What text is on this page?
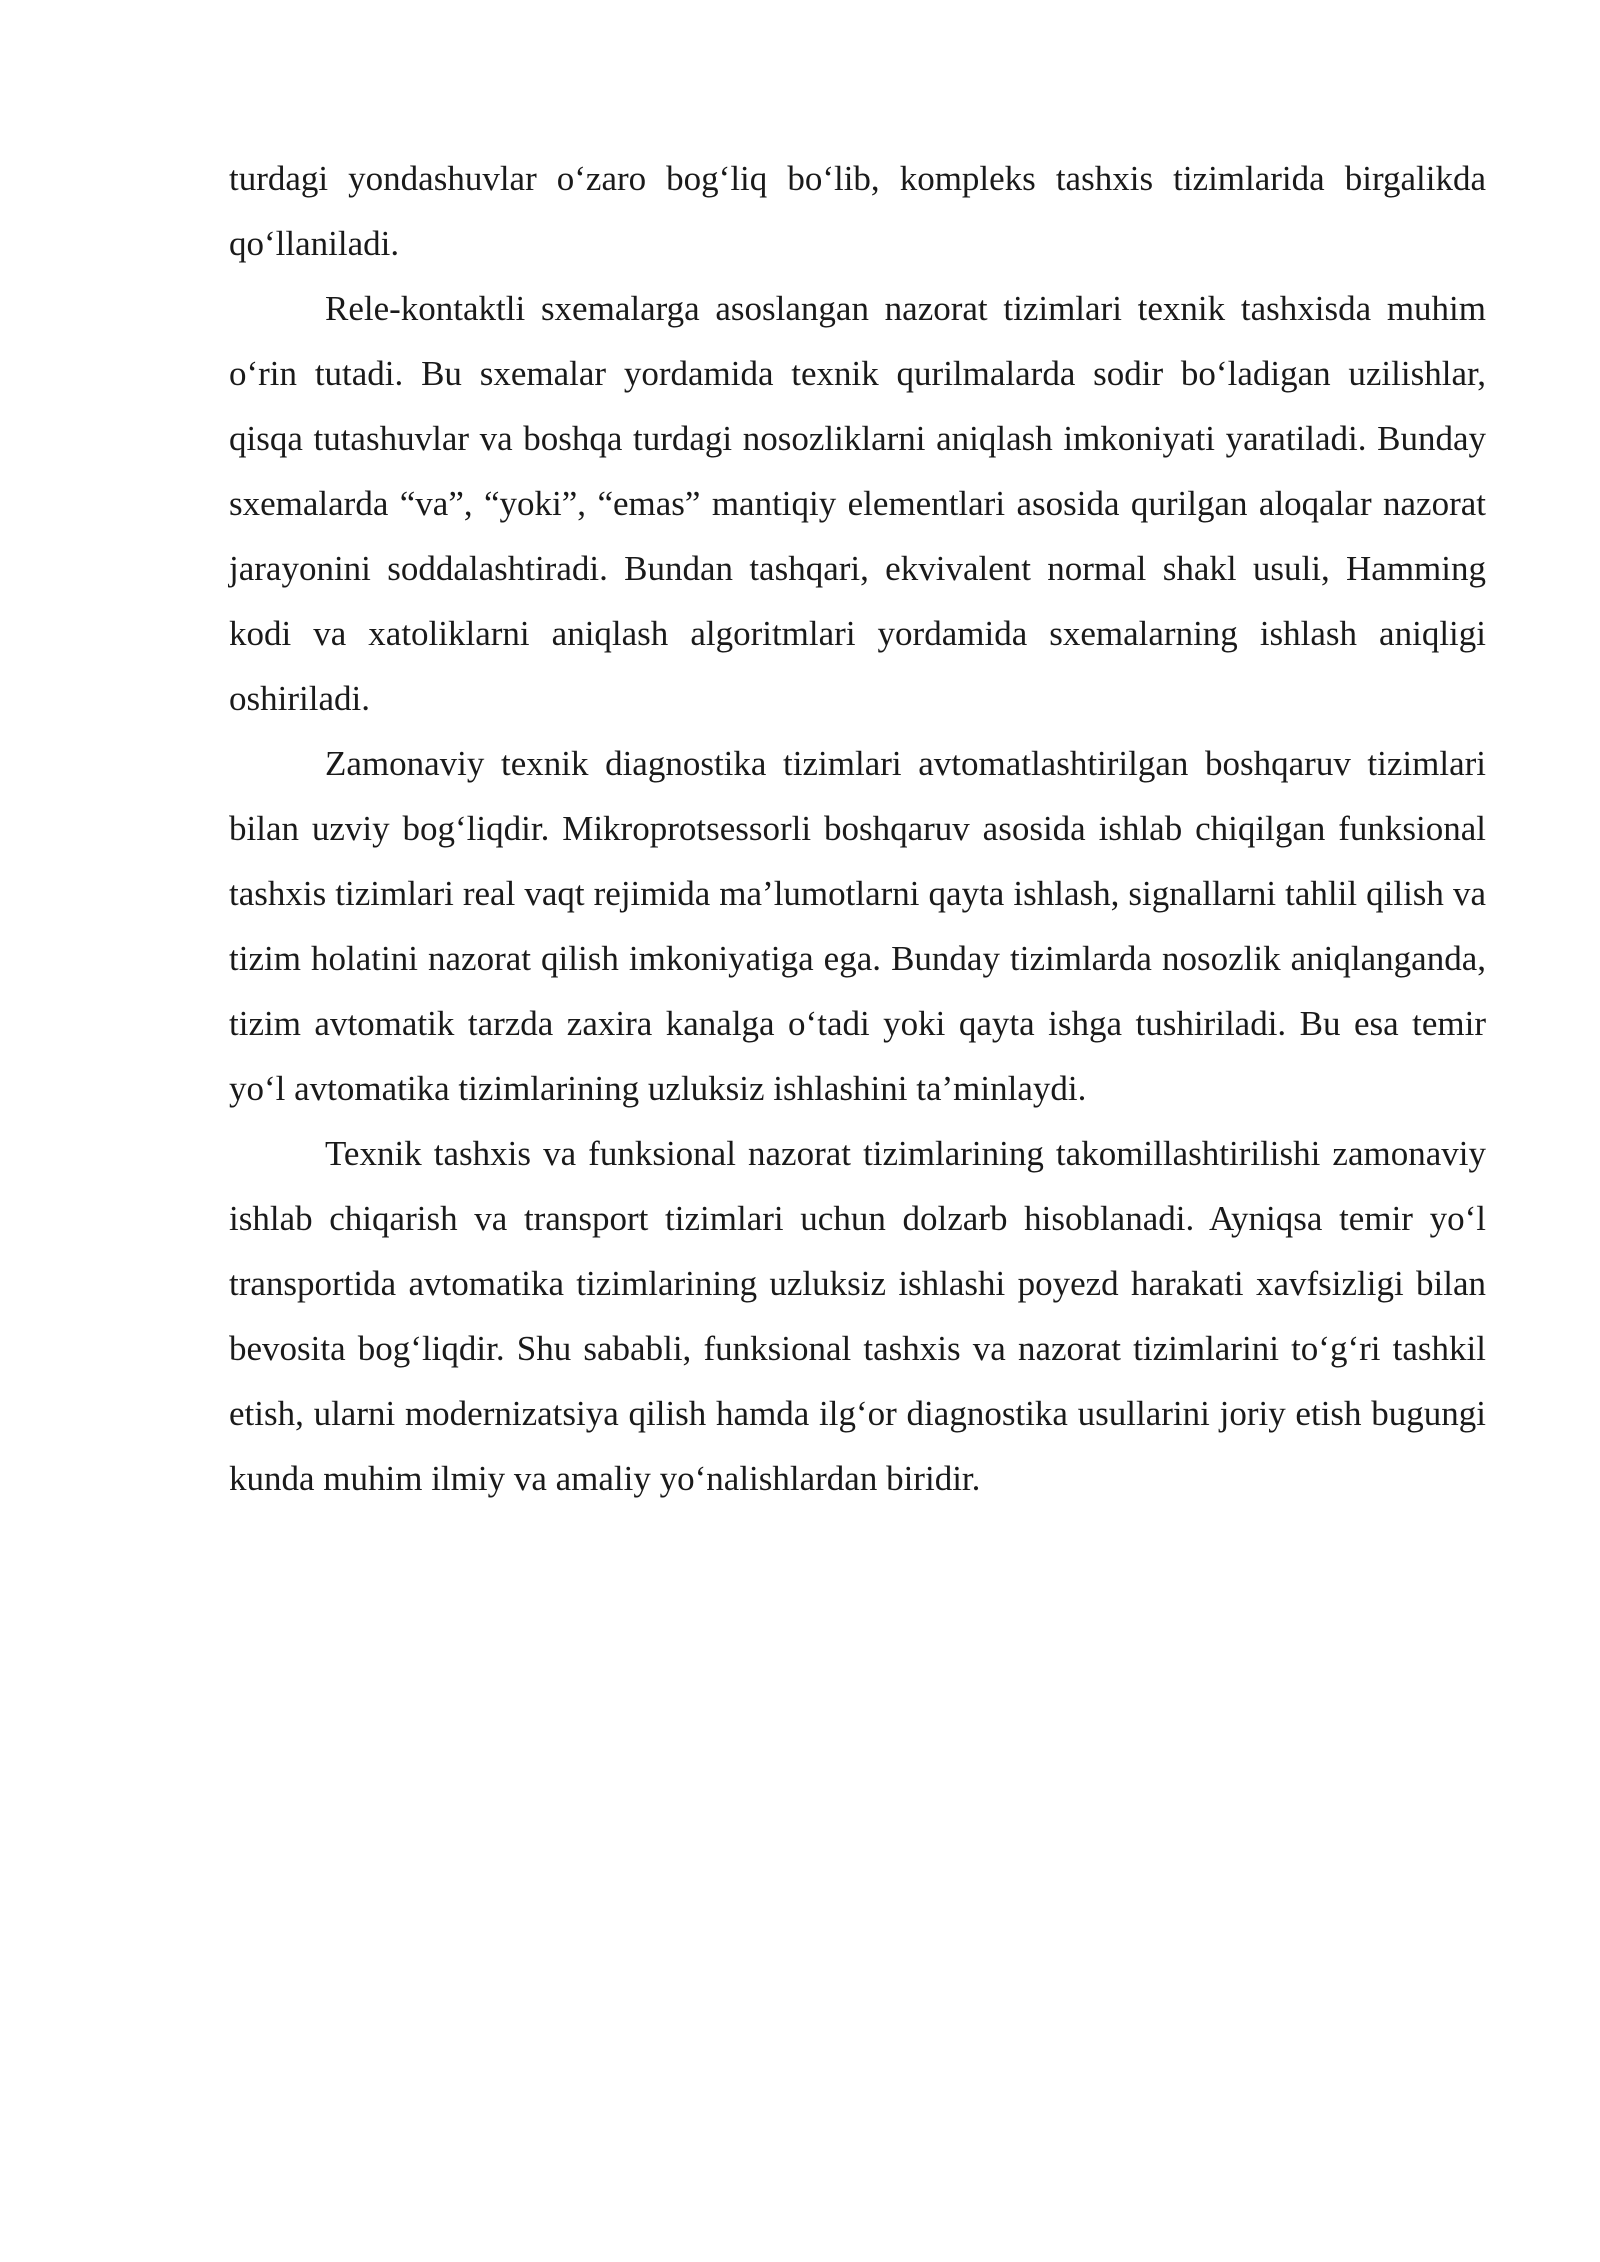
turdagi yondashuvlar o‘zaro bog‘liq bo‘lib, kompleks tashxis tizimlarida birgalikda qo‘llaniladi.

Rele-kontaktli sxemalarga asoslangan nazorat tizimlari texnik tashxisda muhim o‘rin tutadi. Bu sxemalar yordamida texnik qurilmalarda sodir bo‘ladigan uzilishlar, qisqa tutashuvlar va boshqa turdagi nosozliklarni aniqlash imkoniyati yaratiladi. Bunday sxemalarda “va”, “yoki”, “emas” mantiqiy elementlari asosida qurilgan aloqalar nazorat jarayonini soddalashtiradi. Bundan tashqari, ekvivalent normal shakl usuli, Hamming kodi va xatoliklarni aniqlash algoritmlari yordamida sxemalarning ishlash aniqligi oshiriladi.

Zamonaviy texnik diagnostika tizimlari avtomatlashtirilgan boshqaruv tizimlari bilan uzviy bog‘liqdir. Mikroprotsessorli boshqaruv asosida ishlab chiqilgan funksional tashxis tizimlari real vaqt rejimida ma’lumotlarni qayta ishlash, signallarni tahlil qilish va tizim holatini nazorat qilish imkoniyatiga ega. Bunday tizimlarda nosozlik aniqlanganda, tizim avtomatik tarzda zaxira kanalga o‘tadi yoki qayta ishga tushiriladi. Bu esa temir yo‘l avtomatika tizimlarining uzluksiz ishlashini ta’minlaydi.

Texnik tashxis va funksional nazorat tizimlarining takomillashtirilishi zamonaviy ishlab chiqarish va transport tizimlari uchun dolzarb hisoblanadi. Ayniqsa temir yo‘l transportida avtomatika tizimlarining uzluksiz ishlashi poyezd harakati xavfsizligi bilan bevosita bog‘liqdir. Shu sababli, funksional tashxis va nazorat tizimlarini to‘g‘ri tashkil etish, ularni modernizatsiya qilish hamda ilg‘or diagnostika usullarini joriy etish bugungi kunda muhim ilmiy va amaliy yo‘nalishlardan biridir.
